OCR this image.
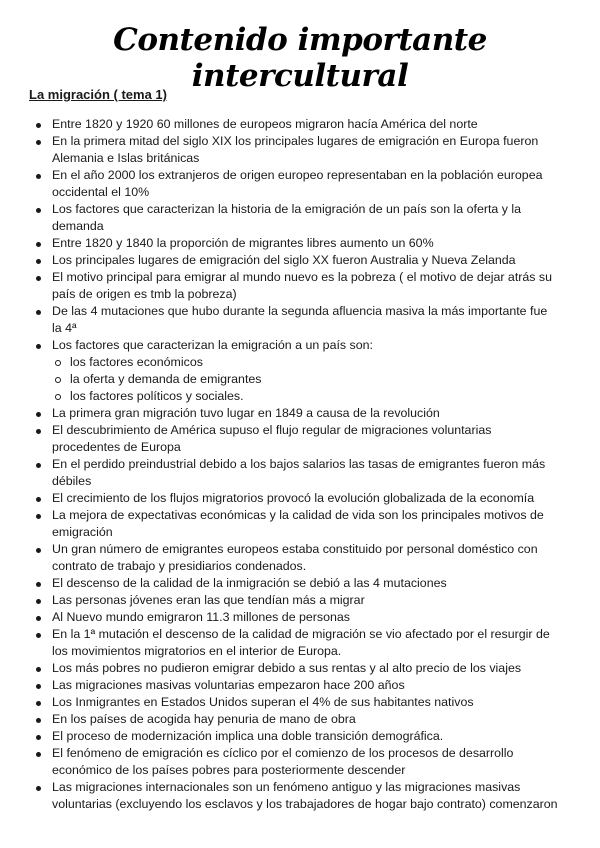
Contenido importante intercultural
La migración ( tema 1)
Entre 1820 y 1920 60 millones de europeos migraron hacía América del norte
En la primera mitad del siglo XIX los principales lugares de emigración en Europa fueron Alemania e Islas británicas
En el año 2000 los extranjeros de origen europeo representaban en la población europea occidental el 10%
Los factores que caracterizan la historia de la emigración de un país son la oferta y la demanda
Entre 1820 y 1840 la proporción de migrantes libres aumento un 60%
Los principales lugares de emigración del siglo XX fueron Australia y Nueva Zelanda
El motivo principal para emigrar al mundo nuevo es la pobreza ( el motivo de dejar atrás su país de origen es tmb la pobreza)
De las 4 mutaciones que hubo durante la segunda afluencia masiva la más importante fue la 4ª
Los factores que caracterizan la emigración a un país son:
los factores económicos
la oferta y demanda de emigrantes
los factores políticos y sociales.
La primera gran migración tuvo lugar en 1849 a causa de la revolución
El descubrimiento de América supuso el flujo regular de migraciones voluntarias procedentes de Europa
En el perdido preindustrial debido a los bajos salarios las tasas de emigrantes fueron más débiles
El crecimiento de los flujos migratorios provocó la evolución globalizada de la economía
La mejora de expectativas económicas y la calidad de vida son los principales motivos de emigración
Un gran número de emigrantes europeos estaba constituido por personal doméstico con contrato de trabajo y presidiarios condenados.
El descenso de la calidad de la inmigración se debió a las 4 mutaciones
Las personas jóvenes eran las que tendían más a migrar
Al Nuevo mundo emigraron 11.3 millones de personas
En la 1ª mutación el descenso de la calidad de migración se vio afectado por el resurgir de los movimientos migratorios en el interior de Europa.
Los más pobres no pudieron emigrar debido a sus rentas y al alto precio de los viajes
Las migraciones masivas voluntarias empezaron hace 200 años
Los Inmigrantes en Estados Unidos superan el 4% de sus habitantes nativos
En los países de acogida hay penuria de mano de obra
El proceso de modernización implica una doble transición demográfica.
El fenómeno de emigración es cíclico por el comienzo de los procesos de desarrollo económico de los países pobres para posteriormente descender
Las migraciones internacionales son un fenómeno antiguo y las migraciones masivas voluntarias (excluyendo los esclavos y los trabajadores de hogar bajo contrato) comenzaron
